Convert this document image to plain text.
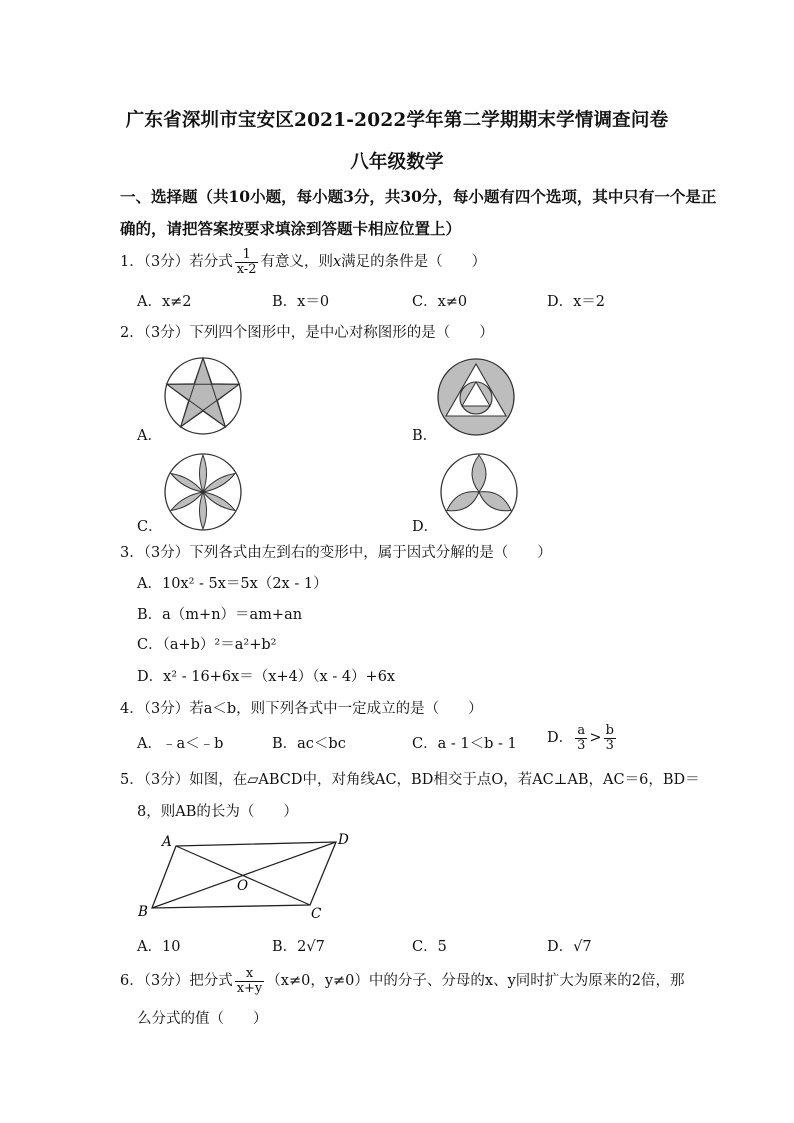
广东省深圳市宝安区2021-2022学年第二学期期末学情调查问卷
八年级数学
一、选择题（共10小题，每小题3分，共30分，每小题有四个选项，其中只有一个是正
确的，请把答案按要求填涂到答题卡相应位置上）
1．（3分）若分式 $\frac{1}{x-2}$ 有意义，则x满足的条件是（　　）
A．x≠2	B．x＝0	C．x≠0	D．x＝2
2．（3分）下列四个图形中，是中心对称图形的是（　　）
A．	B．
C．	D．
3．（3分）下列各式由左到右的变形中，属于因式分解的是（　　）
A．10x² - 5x＝5x（2x - 1）
B．a（m+n）＝am+an
C．（a+b）²＝a²+b²
D．x² - 16+6x＝（x+4）（x - 4）+6x
4．（3分）若a＜b，则下列各式中一定成立的是（　　）
A．﹣a＜﹣b	B．ac＜bc	C．a - 1＜b - 1 D． $\frac{a}{3} > \frac{b}{3}$
5．（3分）如图，在▱ABCD中，对角线AC，BD相交于点O，若AC⊥AB，AC＝6，BD＝
8，则AB的长为（　　）
A	D
O
B	C
A．10	B．2√7	C．5	D．√7
6．（3分）把分式 $\frac{x}{x+y} (x\ne 0$，y≠0）中的分子、分母的x、y同时扩大为原来的2倍，那
么分式的值（　　）
